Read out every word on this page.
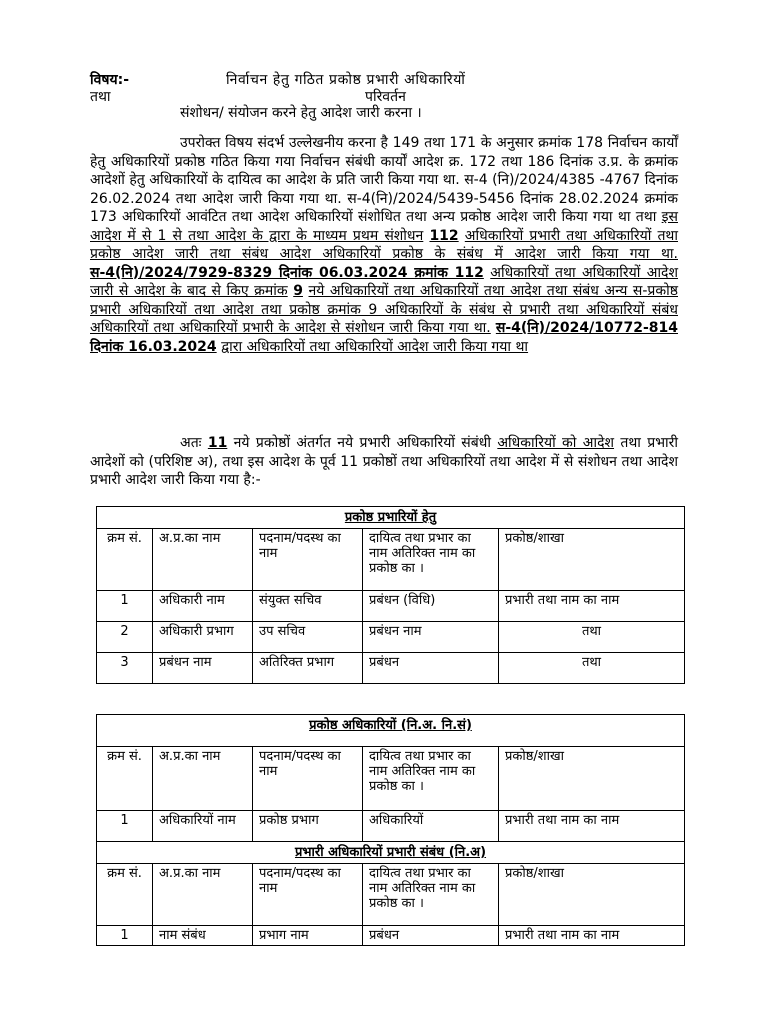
विषय:-	निर्वाचन हेतु गठित प्रकोष्ठ प्रभारी अधिकारियों
तथा	परिवर्तन
संशोधन/ संयोजन करने हेतु आदेश जारी करना ।
उपरोक्त विषय संदर्भ उल्लेखनीय करना है 149 तथा 171 के अनुसार क्रमांक 178 निर्वाचन कार्यों हेतु अधिकारियों प्रकोष्ठ गठित किया गया निर्वाचन संबंधी कार्यों आदेश क्र. 172 तथा 186 दिनांक उ.प्र. के क्रमांक आदेशों हेतु अधिकारियों के दायित्व का आदेश के प्रति जारी किया गया था. स-4 (नि)/2024/4385 -4767 दिनांक 26.02.2024 तथा आदेश जारी किया गया था. स-4(नि)/2024/5439-5456 दिनांक 28.02.2024 क्रमांक 173 अधिकारियों आवंटित तथा आदेश अधिकारियों संशोधित तथा अन्य प्रकोष्ठ आदेश जारी किया गया था तथा इस आदेश में से 1 से तथा आदेश के द्वारा के माध्यम प्रथम संशोधन 112 अधिकारियों प्रभारी तथा अधिकारियों तथा प्रकोष्ठ आदेश जारी तथा संबंध आदेश अधिकारियों प्रकोष्ठ के संबंध में आदेश जारी किया गया था. स-4(नि)/2024/7929-8329 दिनांक 06.03.2024 क्रमांक 112 अधिकारियों तथा अधिकारियों आदेश जारी से आदेश के बाद से किए क्रमांक 9 नये अधिकारियों तथा अधिकारियों तथा आदेश तथा संबंध अन्य स-प्रकोष्ठ प्रभारी अधिकारियों तथा आदेश तथा प्रकोष्ठ क्रमांक 9 अधिकारियों के संबंध से प्रभारी तथा अधिकारियों संबंध अधिकारियों तथा अधिकारियों प्रभारी के आदेश से संशोधन जारी किया गया था. स-4(नि)/2024/10772-814 दिनांक 16.03.2024 द्वारा अधिकारियों तथा अधिकारियों आदेश जारी किया गया था
अतः 11 नये प्रकोष्ठों अंतर्गत नये प्रभारी अधिकारियों संबंधी अधिकारियों को आदेश तथा प्रभारी आदेशों को (परिशिष्ट अ), तथा इस आदेश के पूर्व 11 प्रकोष्ठों तथा अधिकारियों तथा आदेश में से संशोधन तथा आदेश प्रभारी आदेश जारी किया गया है:-
प्रकोष्ठ प्रभारियों हेतु				
क्रम सं.	अ.प्र.का नाम	पदनाम/पदस्थ का नाम	दायित्व तथा प्रभार का नाम अतिरिक्त नाम का प्रकोष्ठ का ।	प्रकोष्ठ/शाखा
1	अधिकारी नाम	संयुक्त सचिव	प्रबंधन (विधि)	प्रभारी तथा नाम का नाम
2	अधिकारी प्रभाग	उप सचिव	प्रबंधन नाम	तथा
3	प्रबंधन नाम	अतिरिक्त प्रभाग	प्रबंधन	तथा
प्रकोष्ठ अधिकारियों (नि.अ. नि.सं)				
क्रम सं.	अ.प्र.का नाम	पदनाम/पदस्थ का नाम	दायित्व तथा प्रभार का नाम अतिरिक्त नाम का प्रकोष्ठ का ।	प्रकोष्ठ/शाखा
1	अधिकारियों नाम	प्रकोष्ठ प्रभाग	अधिकारियों	प्रभारी तथा नाम का नाम
प्रभारी अधिकारियों प्रभारी संबंध (नि.अ)				
क्रम सं.	अ.प्र.का नाम	पदनाम/पदस्थ का नाम	दायित्व तथा प्रभार का नाम अतिरिक्त नाम का प्रकोष्ठ का ।	प्रकोष्ठ/शाखा
1	नाम संबंध	प्रभाग नाम	प्रबंधन	प्रभारी तथा नाम का नाम
